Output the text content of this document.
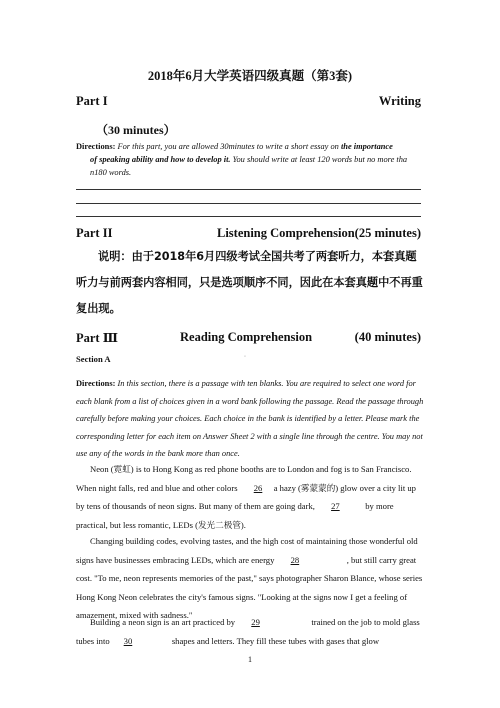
2018年6月大学英语四级真题（第3套)
Part I	Writing
（30 minutes）
Directions: For this part, you are allowed 30minutes to write a short essay on the importance
of speaking ability and how to develop it. You should write at least 120 words but no more tha
n180 words.
Part II	Listening Comprehension (25 minutes)
说明：由于2018年6月四级考试全国共考了两套听力，本套真题听力与前两套内容相同，只是选项顺序不同，因此在本套真题中不再重复出现。
Part Ⅲ	Reading Comprehension	(40 minutes)
◦
Section A
Directions: In this section, there is a passage with ten blanks. You are required to select one word for each blank from a list of choices given in a word bank following the passage. Read the passage through carefully before making your choices. Each choice in the bank is identified by a letter. Please mark the corresponding letter for each item on Answer Sheet 2 with a single line through the centre. You may not use any of the words in the bank more than once.
Neon (霓虹) is to Hong Kong as red phone booths are to London and fog is to San Francisco. When night falls, red and blue and other colors 26 a hazy (雾蒙蒙的) glow over a city lit up by tens of thousands of neon signs. But many of them are going dark, 27	by more practical, but less romantic, LEDs (发光二极管).
Changing building codes, evolving tastes, and the high cost of maintaining those wonderful old signs have businesses embracing LEDs, which are energy 28	, but still carry great cost. "To me, neon represents memories of the past," says photographer Sharon Blance, whose series Hong Kong Neon celebrates the city's famous signs. "Looking at the signs now I get a feeling of amazement, mixed with sadness."
Building a neon sign is an art practiced by 29	trained on the job to mold glass tubes into 30	shapes and letters. They fill these tubes with gases that glow
1
